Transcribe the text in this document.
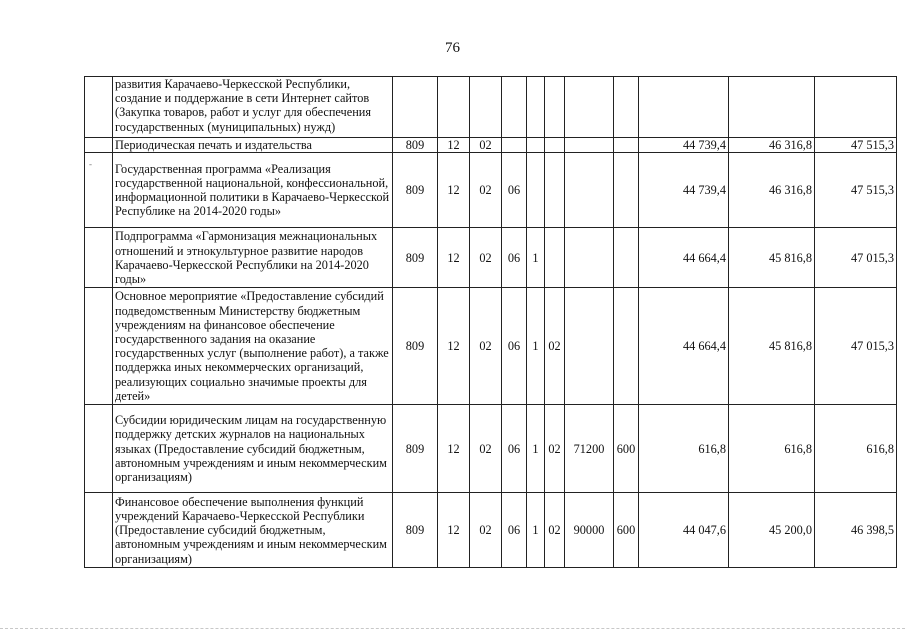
76
-
	развития Карачаево-Черкесской Республики, создание и поддержание в сети Интернет сайтов (Закупка товаров, работ и услуг для обеспечения государственных (муниципальных) нужд)											
	Периодическая печать и издательства	809	12	02						44 739,4	46 316,8	47 515,3
	Государственная программа «Реализация государственной национальной, конфессиональной, информационной политики в Карачаево-Черкесской Республике на 2014-2020 годы»	809	12	02	06					44 739,4	46 316,8	47 515,3
	Подпрограмма «Гармонизация межнациональных отношений и этнокультурное развитие народов Карачаево-Черкесской Республики на 2014-2020 годы»	809	12	02	06	1				44 664,4	45 816,8	47 015,3
	Основное мероприятие «Предоставление субсидий подведомственным Министерству бюджетным учреждениям на финансовое обеспечение государственного задания на оказание государственных услуг (выполнение работ), а также поддержка иных некоммерческих организаций, реализующих социально значимые проекты для детей»	809	12	02	06	1	02			44 664,4	45 816,8	47 015,3
	Субсидии юридическим лицам на государственную поддержку детских журналов на национальных языках (Предоставление субсидий бюджетным, автономным учреждениям и иным некоммерческим организациям)	809	12	02	06	1	02	71200	600	616,8	616,8	616,8
	Финансовое обеспечение выполнения функций учреждений Карачаево-Черкесской Республики (Предоставление субсидий бюджетным, автономным учреждениям и иным некоммерческим организациям)	809	12	02	06	1	02	90000	600	44 047,6	45 200,0	46 398,5
